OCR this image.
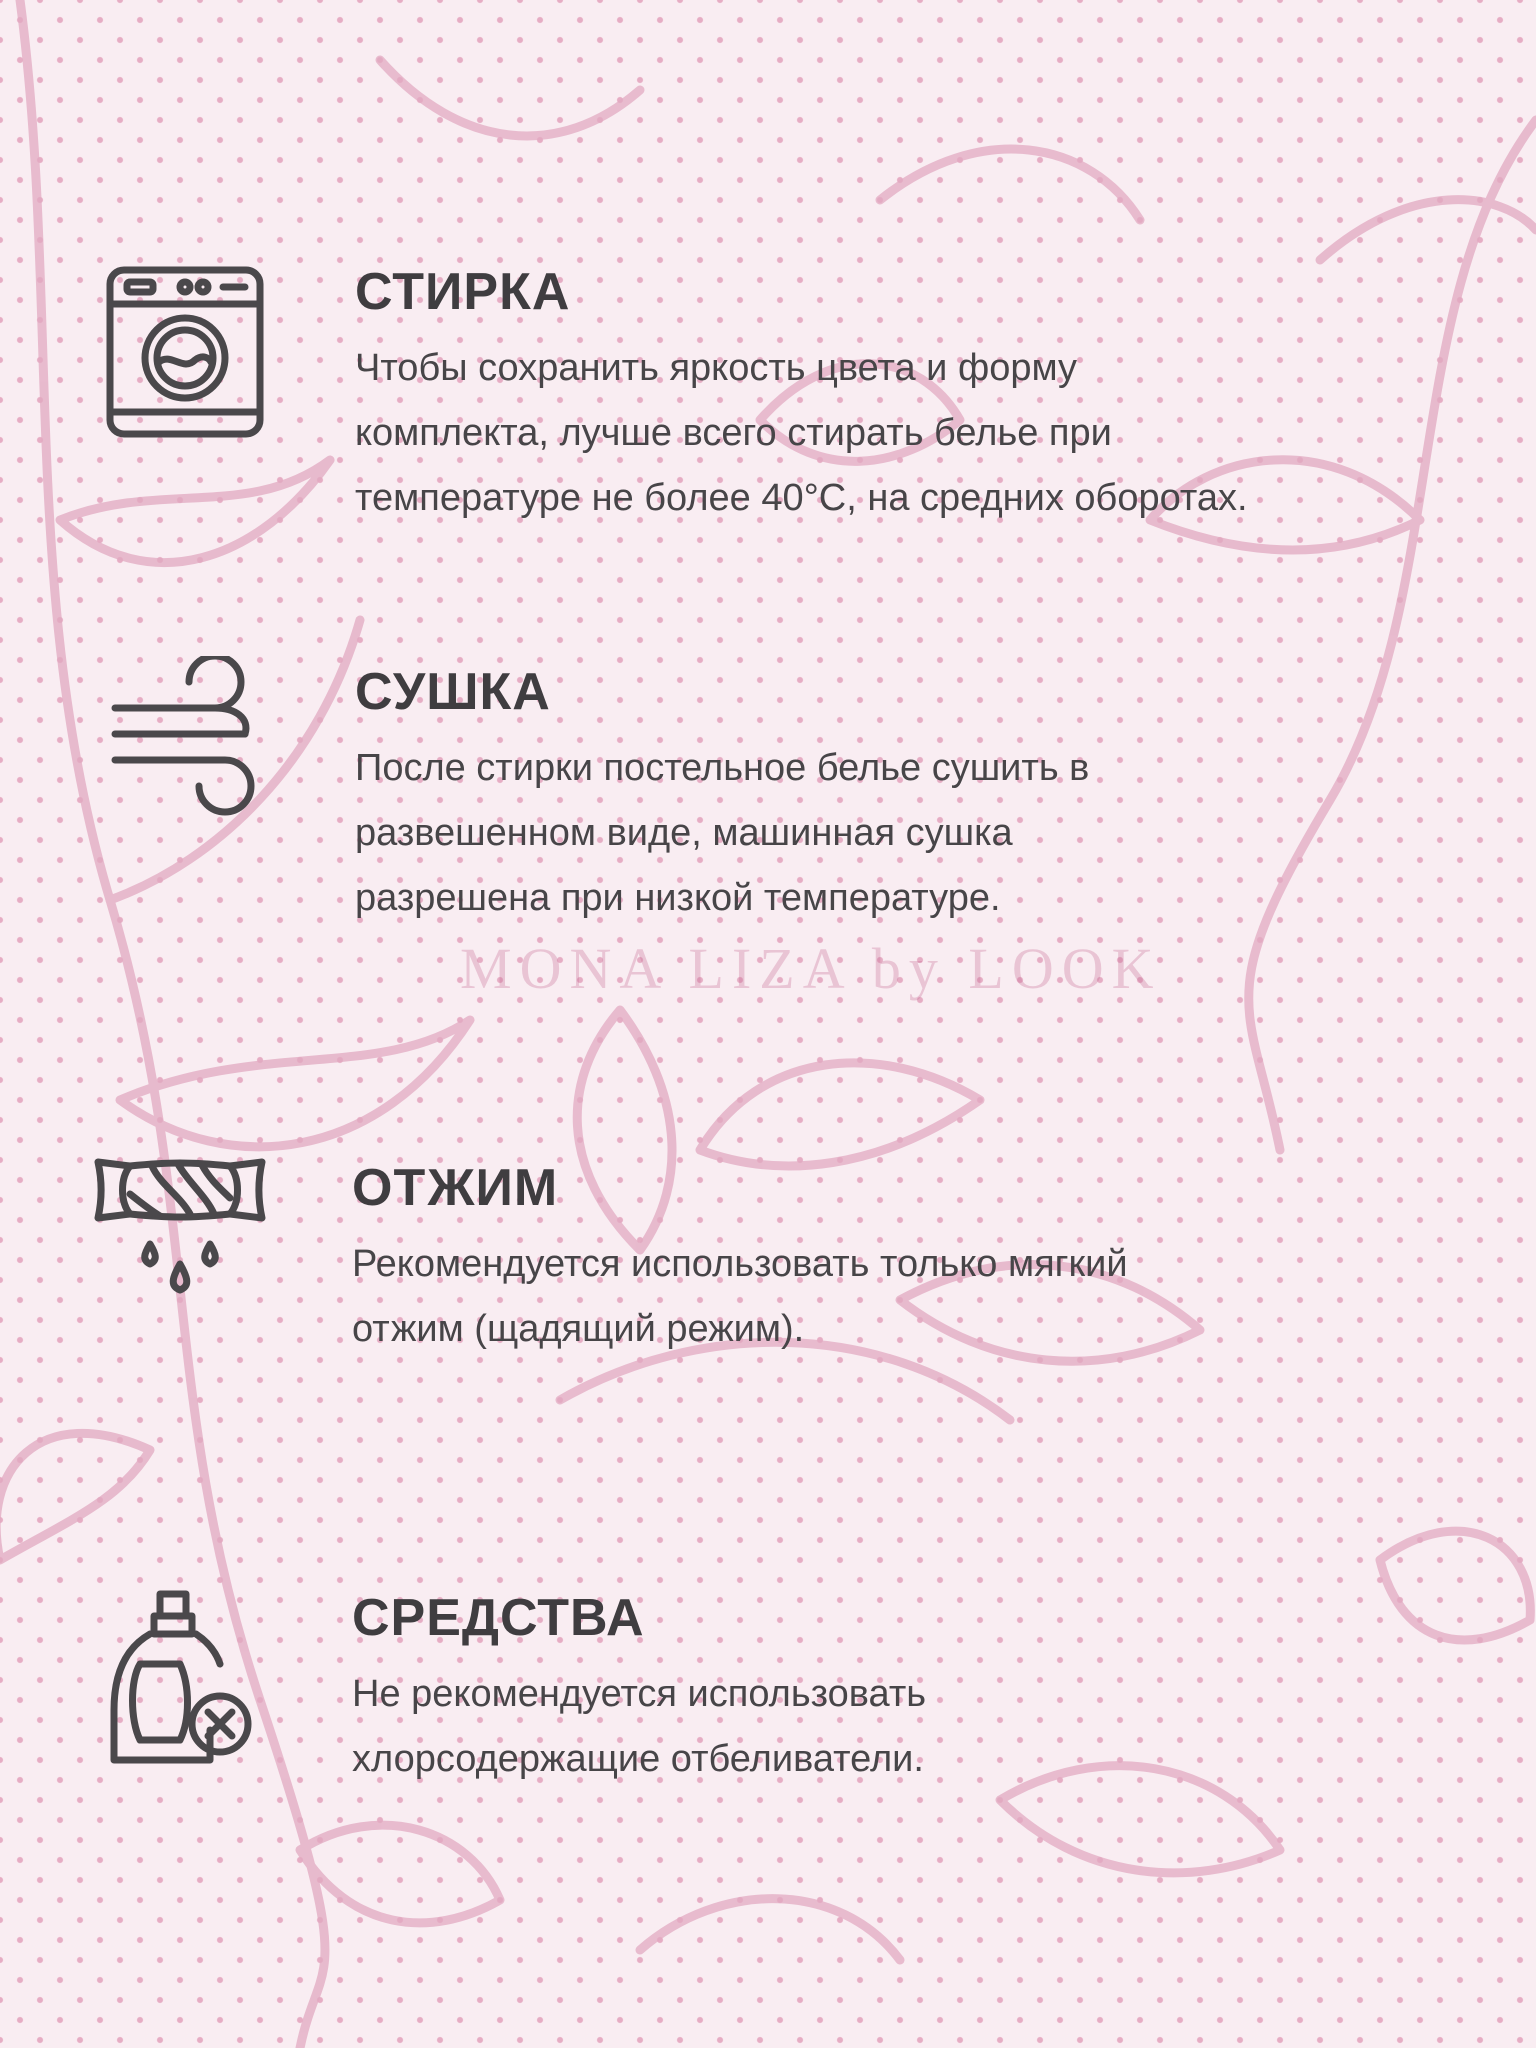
MONA LIZA by LOOK
СТИРКА

Чтобы сохранить яркость цвета и форму
комплекта, лучше всего стирать белье при
температуре не более 40°С, на средних оборотах.

СУШКА

После стирки постельное белье сушить в
развешенном виде, машинная сушка
разрешена при низкой температуре.

ОТЖИМ

Рекомендуется использовать только мягкий
отжим (щадящий режим).

СРЕДСТВА

Не рекомендуется использовать
хлорсодержащие отбеливатели.
